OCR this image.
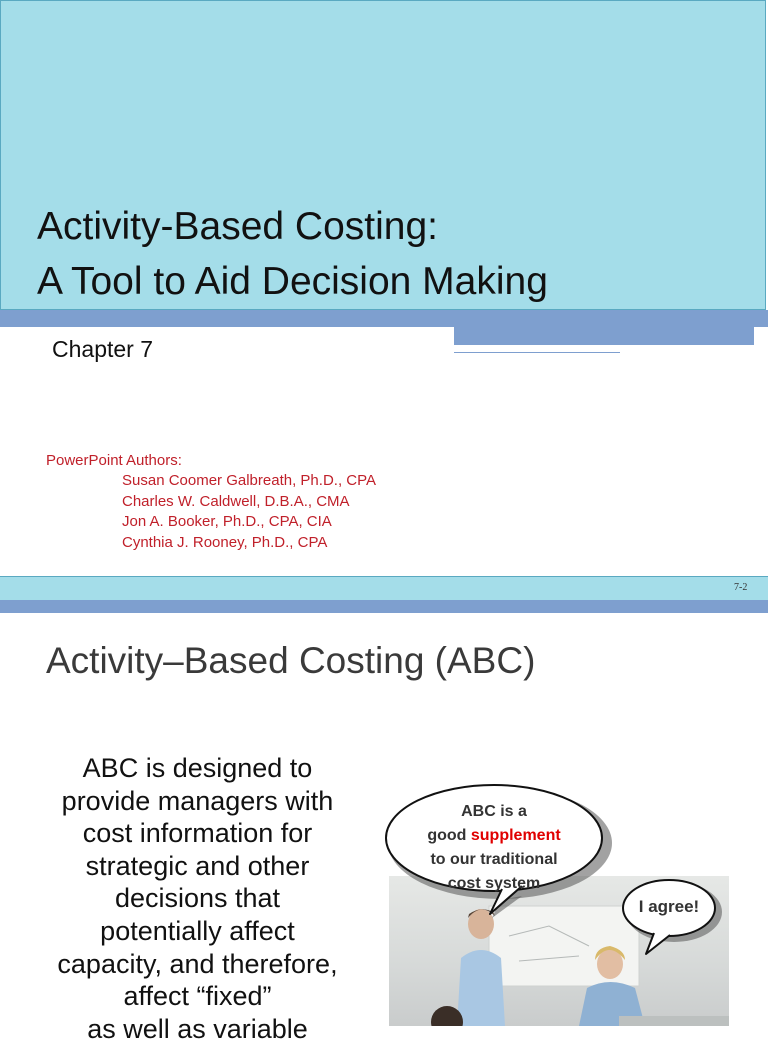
Activity-Based Costing:
A Tool to Aid Decision Making
Chapter 7
PowerPoint Authors:
Susan Coomer Galbreath, Ph.D., CPA
Charles W. Caldwell, D.B.A., CMA
Jon A. Booker, Ph.D., CPA, CIA
Cynthia J. Rooney, Ph.D., CPA
7-2
Activity–Based Costing (ABC)
ABC is designed to
provide managers with
cost information for
strategic and other
decisions that
potentially affect
capacity, and therefore,
affect “fixed”
as well as variable
ABC is a
good supplement
to our traditional
cost system
I agree!
